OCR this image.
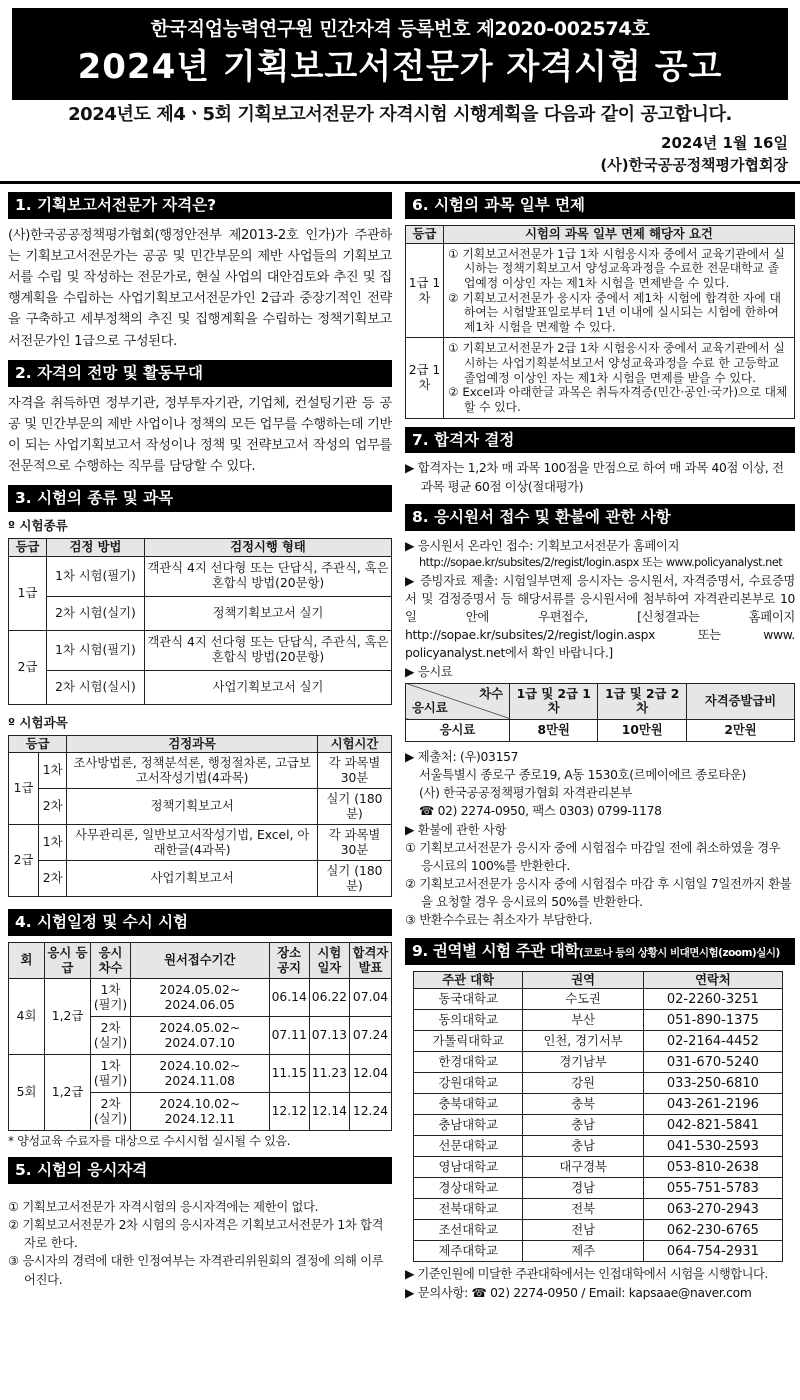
한국직업능력연구원 민간자격 등록번호 제2020-002574호
2024년 기획보고서전문가 자격시험 공고
2024년도 제4ㆍ5회 기획보고서전문가 자격시험 시행계획을 다음과 같이 공고합니다.
2024년 1월 16일
(사)한국공공정책평가협회장
1. 기획보고서전문가 자격은?
(사)한국공공정책평가협회(행정안전부 제2013-2호 인가)가 주관하는 기획보고서전문가는 공공 및 민간부문의 제반 사업들의 기획보고서를 수립 및 작성하는 전문가로, 현실 사업의 대안검토와 추진 및 집행계획을 수립하는 사업기획보고서전문가인 2급과 중장기적인 전략을 구축하고 세부정책의 추진 및 집행계획을 수립하는 정책기획보고서전문가인 1급으로 구성된다.
2. 자격의 전망 및 활동무대
자격을 취득하면 정부기관, 정부투자기관, 기업체, 컨설팅기관 등 공공 및 민간부문의 제반 사업이나 정책의 모든 업무를 수행하는데 기반이 되는 사업기획보고서 작성이나 정책 및 전략보고서 작성의 업무를 전문적으로 수행하는 직무를 담당할 수 있다.
3. 시험의 종류 및 과목
º 시험종류
등급	검정 방법	검정시행 형태
1급	1차 시험(필기)	객관식 4지 선다형 또는 단답식, 주관식, 혹은 혼합식 방법(20문항)
	2차 시험(실기)	정책기획보고서 실기
2급	1차 시험(필기)	객관식 4지 선다형 또는 단답식, 주관식, 혹은 혼합식 방법(20문항)
	2차 시험(실시)	사업기획보고서 실기
º 시험과목
등급		검정과목	시험시간
1급	1차	조사방법론, 정책분석론, 행정절차론, 고급보고서작성기법(4과목)	각 과목별 30분
	2차	정책기획보고서	실기 (180분)
2급	1차	사무관리론, 일반보고서작성기법, Excel, 아래한글(4과목)	각 과목별 30분
	2차	사업기획보고서	실기 (180분)
4. 시험일정 및 수시 시험
회	응시 등급	응시 차수	원서접수기간	장소 공지	시험 일자	합격자 발표
4회	1,2급	1차 (필기)	2024.05.02~ 2024.06.05	06.14	06.22	07.04
		2차 (실기)	2024.05.02~ 2024.07.10	07.11	07.13	07.24
5회	1,2급	1차 (필기)	2024.10.02~ 2024.11.08	11.15	11.23	12.04
		2차 (실기)	2024.10.02~ 2024.12.11	12.12	12.14	12.24
* 양성교육 수료자를 대상으로 수시시험 실시될 수 있음.
5. 시험의 응시자격
① 기획보고서전문가 자격시험의 응시자격에는 제한이 없다.
② 기획보고서전문가 2차 시험의 응시자격은 기획보고서전문가 1차 합격자로 한다.
③ 응시자의 경력에 대한 인정여부는 자격관리위원회의 결정에 의해 이루어진다.
6. 시험의 과목 일부 면제
등급	시험의 과목 일부 면제 해당자 요건
1급 1차	① 기획보고서전문가 1급 1차 시험응시자 중에서 교육기관에서 실시하는 정책기획보고서 양성교육과정을 수료한 전문대학교 졸업예정 이상인 자는 제1차 시험을 면제받을 수 있다.
② 기획보고서전문가 응시자 중에서 제1차 시험에 합격한 자에 대하여는 시험발표일로부터 1년 이내에 실시되는 시험에 한하여 제1차 시험을 면제할 수 있다.

2급 1차	① 기획보고서전문가 2급 1차 시험응시자 중에서 교육기관에서 실시하는 사업기획분석보고서 양성교육과정을 수료 한 고등학교 졸업예정 이상인 자는 제1차 시험을 면제를 받을 수 있다.
② Excel과 아래한글 과목은 취득자격증(민간·공인·국가)으로 대체할 수 있다.
7. 합격자 결정
▶ 합격자는 1,2차 매 과목 100점을 만점으로 하여 매 과목 40점 이상, 전 과목 평균 60점 이상(절대평가)
8. 응시원서 접수 및 환불에 관한 사항
▶ 응시원서 온라인 접수: 기획보고서전문가 홈페이지
http://sopae.kr/subsites/2/regist/login.aspx 또는 www.policyanalyst.net
▶ 증빙자료 제출: 시험일부면제 응시자는 응시원서, 자격증명서, 수료증명서 및 검정증명서 등 해당서류를 응시원서에 첨부하여 자격관리본부로 10일 안에 우편접수, [신청결과는 홈페이지 http://sopae.kr/subsites/2/regist/login.aspx 또는 www. policyanalyst.net에서 확인 바랍니다.]
▶ 응시료
차수
응시료	1급 및 2급 1차	1급 및 2급 2차	자격증발급비
응시료	8만원	10만원	2만원
▶ 제출처: (우)03157
서울특별시 종로구 종로19, A동 1530호(르메이에르 종로타운)
(사) 한국공공정책평가협회 자격관리본부
☎ 02) 2274-0950, 팩스 0303) 0799-1178
▶ 환불에 관한 사항
① 기획보고서전문가 응시자 중에 시험접수 마감일 전에 취소하였을 경우 응시료의 100%를 반환한다.
② 기획보고서전문가 응시자 중에 시험접수 마감 후 시험일 7일전까지 환불을 요청할 경우 응시료의 50%를 반환한다.
③ 반환수수료는 취소자가 부담한다.
9. 권역별 시험 주관 대학(코로나 등의 상황시 비대면시험(zoom)실시)
주관 대학	권역	연락처
동국대학교	수도권	02-2260-3251
동의대학교	부산	051-890-1375
가톨릭대학교	인천, 경기서부	02-2164-4452
한경대학교	경기남부	031-670-5240
강원대학교	강원	033-250-6810
충북대학교	충북	043-261-2196
충남대학교	충남	042-821-5841
선문대학교	충남	041-530-2593
영남대학교	대구경북	053-810-2638
경상대학교	경남	055-751-5783
전북대학교	전북	063-270-2943
조선대학교	전남	062-230-6765
제주대학교	제주	064-754-2931
▶ 기준인원에 미달한 주관대학에서는 인접대학에서 시험을 시행합니다.
▶ 문의사항: ☎ 02) 2274-0950 / Email: kapsaae@naver.com
